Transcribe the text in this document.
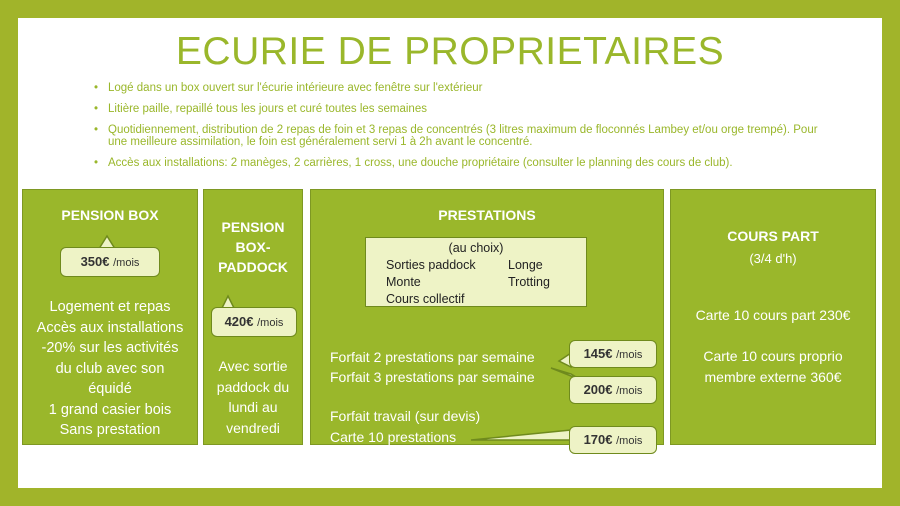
ECURIE DE PROPRIETAIRES
• Logé dans un box ouvert sur l'écurie intérieure avec fenêtre sur l'extérieur
• Litière paille, repaillé tous les jours et curé toutes les semaines
• Quotidiennement, distribution de 2 repas de foin et 3 repas de concentrés (3 litres maximum de floconnés Lambey et/ou orge trempé). Pour une meilleure assimilation, le foin est généralement servi 1 à 2h avant le concentré.
• Accès aux installations: 2 manèges, 2 carrières, 1 cross, une douche propriétaire (consulter le planning des cours de club).
PENSION BOX
350€ /mois
Logement et repas
Accès aux installations
-20% sur les activités
du club avec son
équidé
1 grand casier bois
Sans prestation
PENSION
BOX-
PADDOCK
420€ /mois
Avec sortie
paddock du
lundi au
vendredi
PRESTATIONS
(au choix)
Sorties paddock	Longe
Monte	Trotting
Cours collectif
Forfait 2 prestations par semaine
Forfait 3 prestations par semaine
Forfait travail (sur devis)
Carte 10 prestations
145€ /mois
200€ /mois
170€ /mois
COURS PART
(3/4 d'h)
Carte 10 cours part 230€
Carte 10 cours proprio
membre externe 360€
